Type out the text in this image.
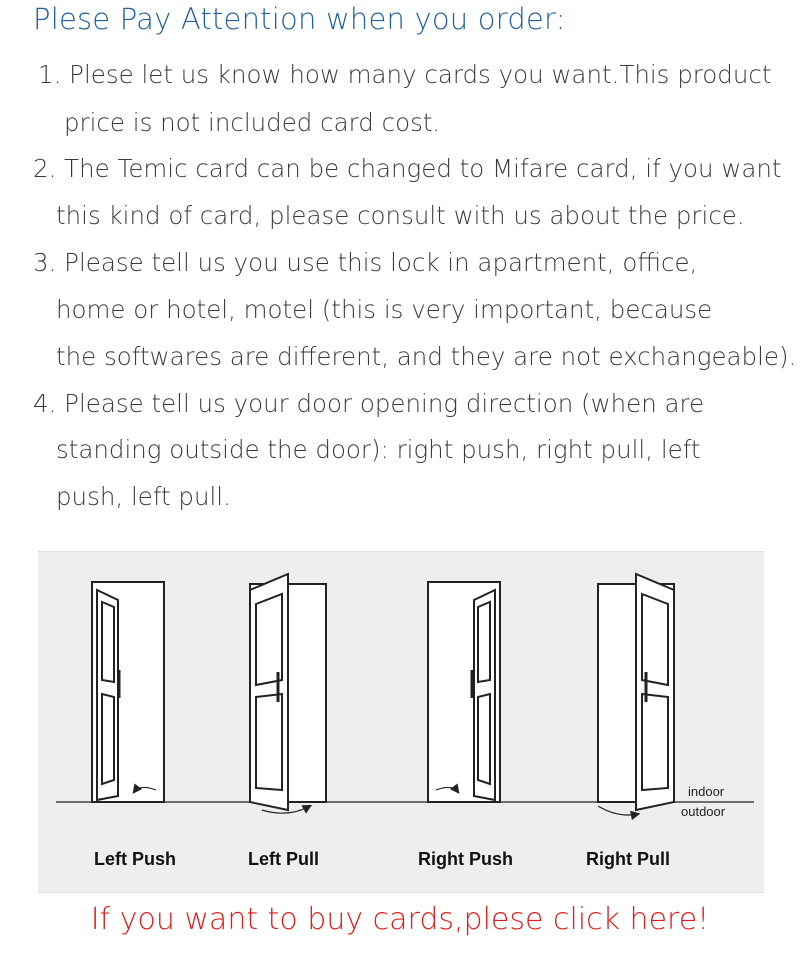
Plese Pay Attention when you order:
1. Plese let us know how many cards you want.This product
price is not included card cost.
2. The Temic card can be changed to Mifare card, if you want
this kind of card, please consult with us about the price.
3. Please tell us you use this lock in apartment, office,
home or hotel, motel (this is very important, because
the softwares are different, and they are not exchangeable).
4. Please tell us your door opening direction (when are
standing outside the door): right push, right pull, left
push, left pull.
indoor
outdoor
Left Push	Left Pull	Right Push	Right Pull
If you want to buy cards,plese click here!
